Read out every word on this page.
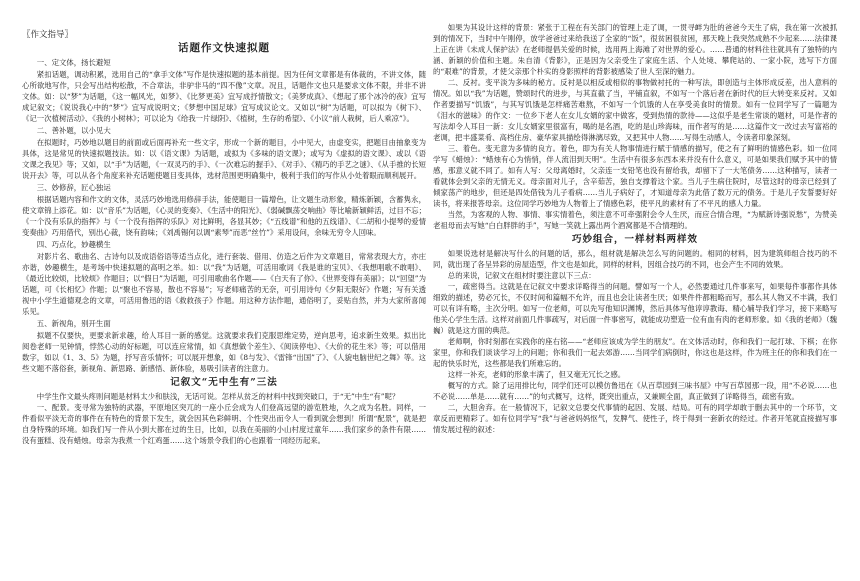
〖作文指导〗
话题作文快速拟题
一、定文体，扬长避短

紧扣话题，调动积累，选用自己的“拿手文体”写作是快速拟题的基本前提。因为任何文章都是有体裁的，不讲文体，随心所欲地写作，只会写出结构松散，不合章法，非驴非马的“四不像”文章。况且，话题作文也只是要求文体不限，并非不讲文体。如：以“梦”为话题，《这一幅风光，如梦》、《比梦更美》宜写成抒情散文；《美梦成真》、《想起了那个冰冷的夜》宜写成记叙文；《说说我心中的“梦”》宜写成说明文；《梦想中国足球》宜写成议论文。又如以“树”为话题，可以拟为《树下》、《记一次植树活动》、《我的小树林》；可以论为《给我一片绿阴》、《植树，生存的希望》、《小议“前人栽树，后人乘凉”》。

二、善补题，以小见大

在拟题时，巧妙地以题目的前面或后面再补充一些文字，形成一个新的题目，小中见大，由虚变实，把题目由抽象变为具体，这是常见的快速拟题技法。如：以《语文课》为话题，或拟为《多味的语文课》；或写为《虚拟的语文课》、或以《语文课之我见》等；又如，以“手”为话题，《一双灵巧的手》、《一次难忘的握手》、《对手》、《精巧的手艺之谜》、《从手推的长短说开去》等，可以从各个角度来补充话题使题目变具体，选材范围更明确集中，极利于我们的写作从小处着眼而顺利展开。

三、妙修辞，匠心独运

根据话题内容和作文的文体，灵活巧妙地选用修辞手法，能使题目一篇增色，让文题生动形象，精炼新颖，含蓄隽永，使文章锦上添花。如：以“音乐”为话题，《心灵的变奏》、《生活中的阳光》、《弱碱飘荡交响曲》等比喻新颖鲜活，过目不忘；《一个没有乐队的指挥》与《一个没有指挥的乐队》对比鲜明，各显其妙；《“五线谱”和他的五线谱》、《二胡和小提琴的爱情变奏曲》巧用借代，别出心裁，饶有韵味；《刘禹锡何以调“素琴”而恶“丝竹”》采用设问，余味无穷令人回味。

四、巧点化，妙趣横生

对影片名、歌曲名、古诗句以及成语俗语等适当点化，进行套装、借用、仿造之后作为文章题目，常常表现大方，亦庄亦谐，妙趣横生，是考场中快速拟题的高明之举。如：以“我”为话题，可活用歌词《我是谁的宝贝》、《我想唱歌不敢唱》、《最近比较烦，比较烦》作题目；以“假日”为话题，可引用歌曲名作题——《白天有了你》、《世界变得有美丽》；以“回望”为话题，可《长相忆》作题；以“聚也不容易，散也不容易”；写老师痛苦的无奈，可引用诗句《夕阳无限好》作题；写有关透视中小学生道德观念的文章，可活用鲁迅的语《救救孩子》作题。用这种方法作题，通俗明了，妥贴自然，并为大家所喜闻乐见。

五、新视角，别开生面

拟题不仅要快，更要求新求趣，给人耳目一新的感觉。这就要求我们克服思维定势，逆向思考，追求新生效果。拟出比阅卷老师一见钟情，悖然心动的好标题，可以连应常情，如《真想做个差生》、《阅读停电》、《大价的花生米》等；可以借用数字，如以《1、3、5》为题，抒写音乐情怀；可以展开想象，如《8与发》、《雷锋“出国”了》、《人貌电脑世纪之舞》等。这些文题不落俗套，新视角、新思路、新感悟、新体验，易吸引读者的注意力。

记叙文“无中生有”三法

中学生作文最头疼则问题是材料太少和肤浅，无话可说。怎样从贫乏的材料中找到突破口，于“无”中生“有”呢？

一、配景。变寻常为独特的武器，平原地区突兀的一座小丘会成为人们登高远望的游览胜地，久之成为名胜。同样，一件看似平淡无奇的事件在有特色的背景下发生，就会因其色彩鲜明、个性突出而令人一看到就会想到！所谓“配景”，就是把自身特殊的环境。如我们写一件从小到大都在过的生日，比如，以我在美丽的小山村度过童年……我们家乡的条件有限……没有蛋糕、没有蜡烛。母亲为我煮一个红鸡蛋……这个场景令我们的心也跟着一同经历起来。

如果为其设计这样的背景：紧张于工程在有关部门的管理上走了调，一贯寻衅为肚的爸爸今天生了病，我在第一次被抓到的情况下，当时中午刚停，放学爸爸过来给我送了全家的“饭”，很贫困很贫困，那天晚上我突然成熟不少起来……法律课上正在讲《未成人保护法》在老师提倡关爱的时候，选用两上海滩了对世界的爱心。……普通的材料往往就具有了独特的内涵、新颖的价值和主题。朱自清《背影》，正是因为父亲受生了家庭生活、个人处境、攀爬站的、一家小院，选写下方面的“艰难”的背景，才使父亲那个朴实的身影照样的背影被感染了世人至深的魅力。

二、反衬。变平淡为多味的秘方。反衬是以相反或相似的事物做衬托的一种写法，即创造与主体形成反差，出人意料的情况。如以“我”为话题，赞颂时代的进步，与其直截了当，平铺直叙，不如写一个落后者在新时代的巨大转变来反衬。又如作者要描写“饥饿”，与其写饥饿是怎样痛苦难熬，不如写一个饥饿的人在享受美食时的情景。如有一位同学写了一篇题为《泪水的滋味》的作文：一位乡下老人在女儿女婿的家中做客，受到热情的款待——这似乎是老生常谈的题材，可是作者的写法却令人耳目一新：女儿女婿家里很富有，喝的是名酒，吃的是山珍海味，而作者写的是……这篇作文一改过去写富裕的老调，把丰盛菜肴、高档住房、豪华家具描绘得淋漓尽致，又把其中人物……写得生动感人，令读者印象深刻。

三、着色。变无意为多情的良方。着色，即为有关人物事情进行赋于情感的描写，使之有了鲜明的情感色彩。如一位同学写《蜡烛》：“蜡烛有心为悄悄，伴人流泪到天明”。生活中有很多东西本来并没有什么意义，可是如果我们赋予其中的情感，那意义就不同了。如有人写：父母离婚时，父亲连一支铅笔也没有留给我，却留下了一大笔债务……这种描写，读者一看就体会到父亲的无情无义。母亲面对儿子，含辛茹苦，独自支撑着这个家。当儿子生病住院时，尽管这时的母亲已经到了倾家荡产的地步，但还是四处借钱为儿子看病……当儿子病好了，才知道母亲为此借了数万元的债务。于是儿子发誓要好好读书，将来报答母亲。这位同学巧妙地为人物着上了情感色彩，使平凡的素材有了不平凡的感人力量。

当然，为客观的人物、事情、事实情着色，须注意不可牵强附会令人生厌，而应合情合理，“为赋新诗强说愁”，为赞美老祖母而去写她“白白胖胖的手”，写她一笑就上露出两个酒窝都是不合情理的。

巧妙组合，一样材料两样效

如果说选材是解决写什么的问题的话，那么，组材就是解决怎么写的问题的。相同的材料，因为建筑师组合技巧的不同，就出现了各呈异彩的房屋造型，作文也是如此，同样的材料，因组合技巧的不同，也会产生不同的效果。

总的来说，记叙文在组材时要注意以下三点：

一，疏密得当。这就是在记叙文中要求详略得当的问题。譬如写一个人，必然要通过几件事来写，如果每件事都作具体细致的描述，势必冗长，不仅时间和篇幅不允许，而且也会让读者生厌；如果件件都粗略而写，那么其人物又不丰满，我们可以有详有略，主次分明。如写一位老师，可以先写他知识渊博，然后具体写他谆谆教诲、精心辅导我们学习，接下来略写他关心学生生活。这样对前面几件事疏写，对后面一件事密写，就能成功塑造一位有血有肉的老师形象。如《我的老师》（魏巍）就是这方面的典范。

老师啊，你时刻都在实践你的座右铭——“老师应该成为学生的朋友”。在文体活动时，你和我们一起打球、下棋；在你家里，你和我们谈谈学习上的问题；你和我们一起去郊游……当同学们病倒时，你这也是这样，作为班主任的你和我们在一起的快乐时光，这些都是我们所难忘的。

这样一补充，老师的形象丰满了，但又毫无冗长之感。

概写的方式。除了运用排比句，同学们还可以模仿鲁迅在《从百草园到三味书屋》中写百草园那一段，用“不必说……也不必说……单是……就有……”的句式概写，这样，既突出重点，又兼顾全面，真正做到了详略得当，疏密有致。

二，大胆舍弃。在一般情况下，记叙文总要交代事情的起因、发展、结局。可有的同学却敢于删去其中的一个环节，文章反而更精彩了。如有位同学写“我”与爸爸妈妈怄气，发脾气、使性子，终于得到一套新衣的经过。作者开笔就直接描写事情发展过程的叙述：
